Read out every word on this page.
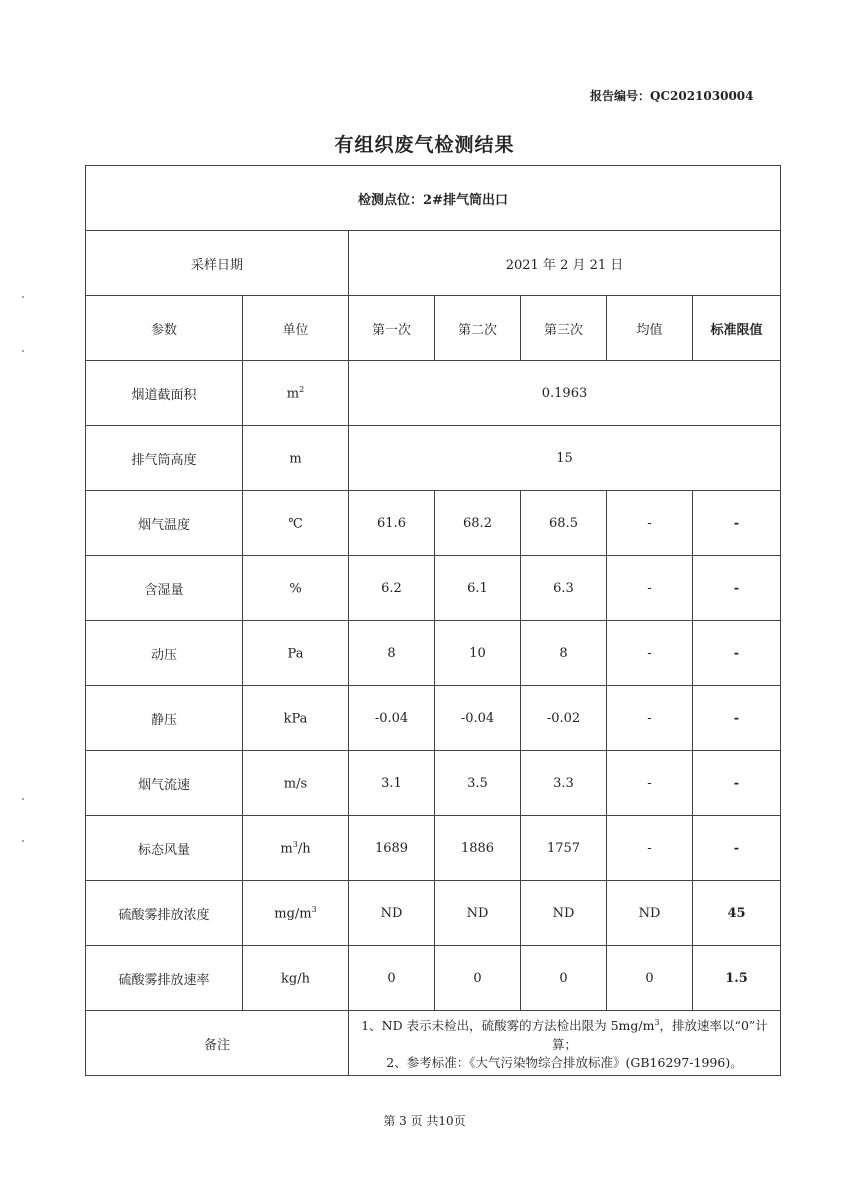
报告编号：QC2021030004
有组织废气检测结果
检测点位：2#排气筒出口						
采样日期		2021 年 2 月 21 日				
参数	单位	第一次	第二次	第三次	均值	标准限值
烟道截面积	$m^2$	0.1963				
排气筒高度	m	15				
烟气温度	℃	61.6	68.2	68.5	-	-
含湿量	%	6.2	6.1	6.3	-	-
动压	Pa	8	10	8	-	-
静压	kPa	-0.04	-0.04	-0.02	-	-
烟气流速	m/s	3.1	3.5	3.3	-	-
标态风量	$m^3/h$	1689	1886	1757	-	-
硫酸雾排放浓度	$mg/m^3$	ND	ND	ND	ND	45
硫酸雾排放速率	kg/h	0	0	0	0	1.5
备注		1、ND 表示未检出，硫酸雾的方法检出限为 $5mg/m^3$，排放速率以“0”计算；
2、参考标准：《大气污染物综合排放标准》(GB16297-1996)。				
第 3 页 共10页
